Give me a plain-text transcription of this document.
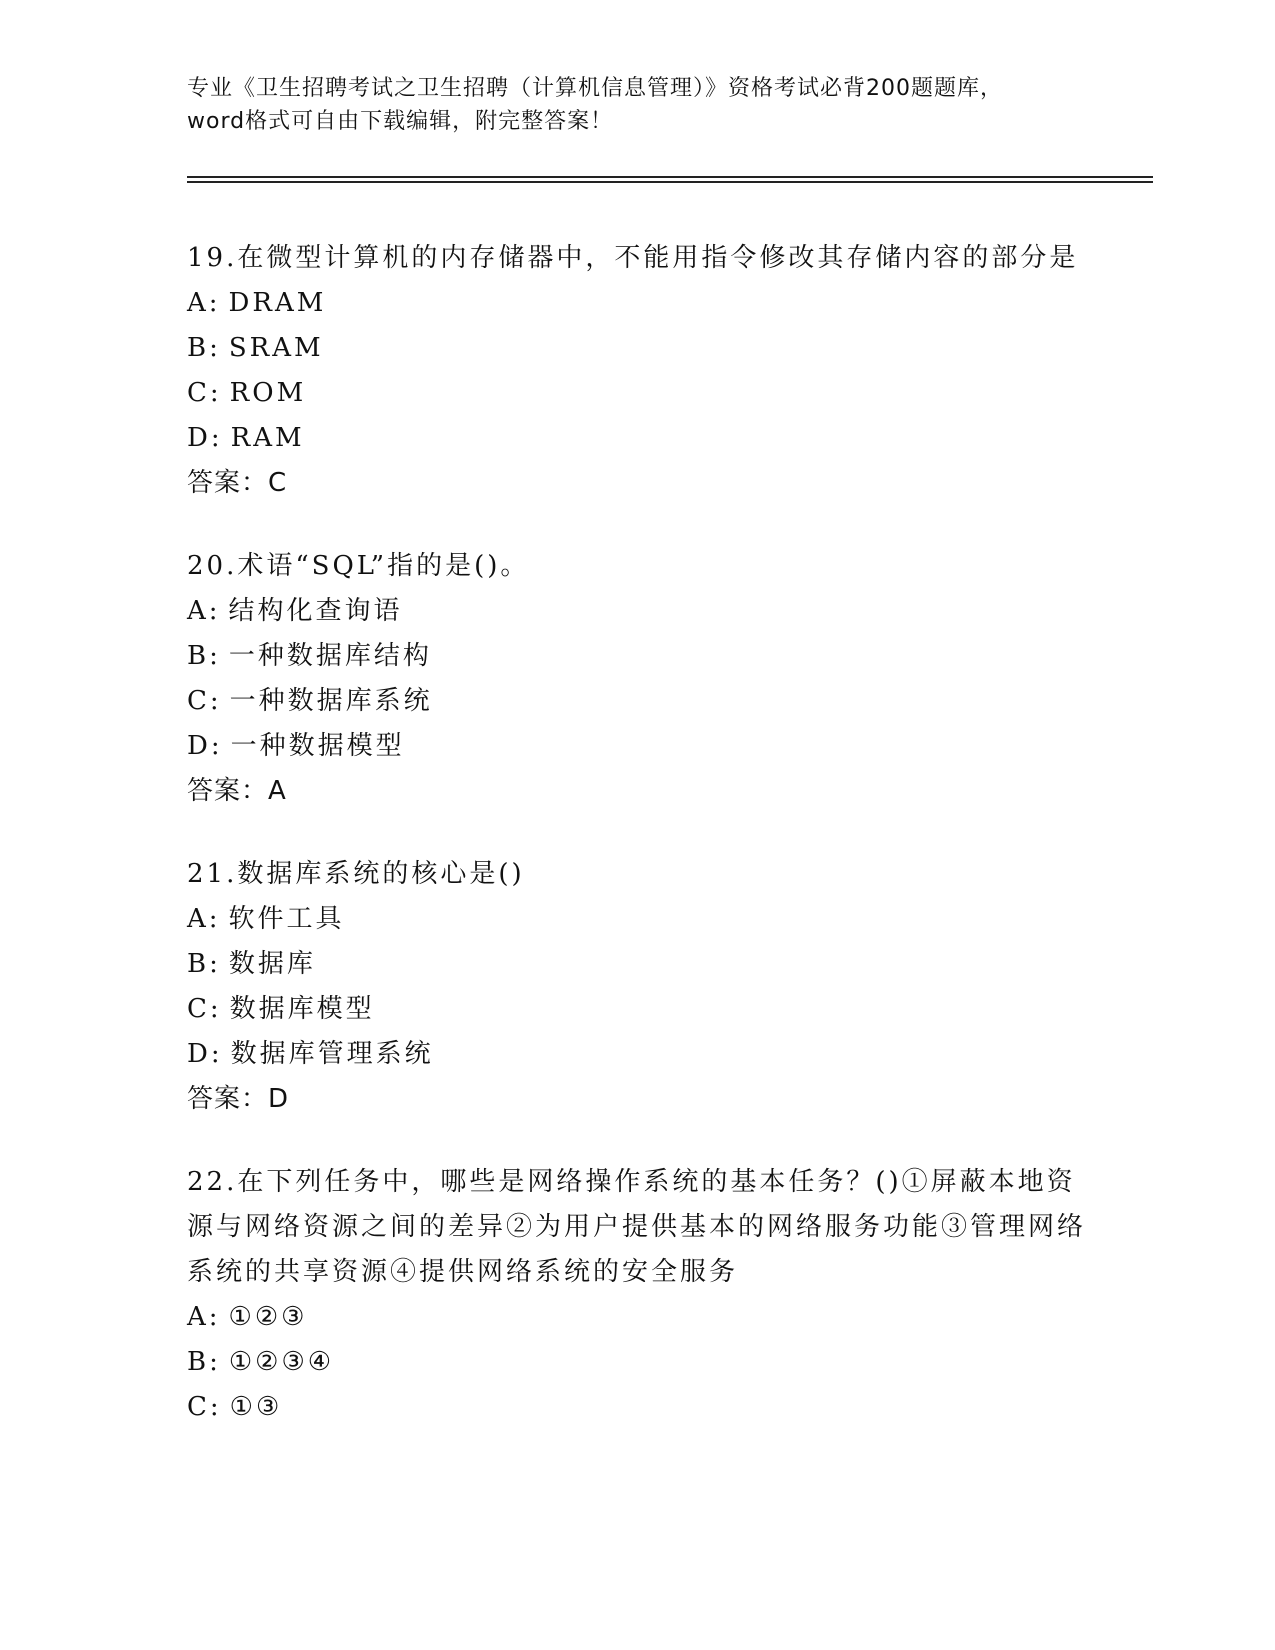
专业《卫生招聘考试之卫生招聘（计算机信息管理）》资格考试必背200题题库，
word格式可自由下载编辑，附完整答案！
19.在微型计算机的内存储器中，不能用指令修改其存储内容的部分是
A : DRAM
B : SRAM
C : ROM
D : RAM
答案：C
20.术语“SQL”指的是()。
A : 结构化查询语
B : 一种数据库结构
C : 一种数据库系统
D : 一种数据模型
答案：A
21.数据库系统的核心是()
A : 软件工具
B : 数据库
C : 数据库模型
D : 数据库管理系统
答案：D
22.在下列任务中，哪些是网络操作系统的基本任务？()①屏蔽本地资源与网络资源之间的差异②为用户提供基本的网络服务功能③管理网络系统的共享资源④提供网络系统的安全服务
A : ①②③
B : ①②③④
C : ①③
